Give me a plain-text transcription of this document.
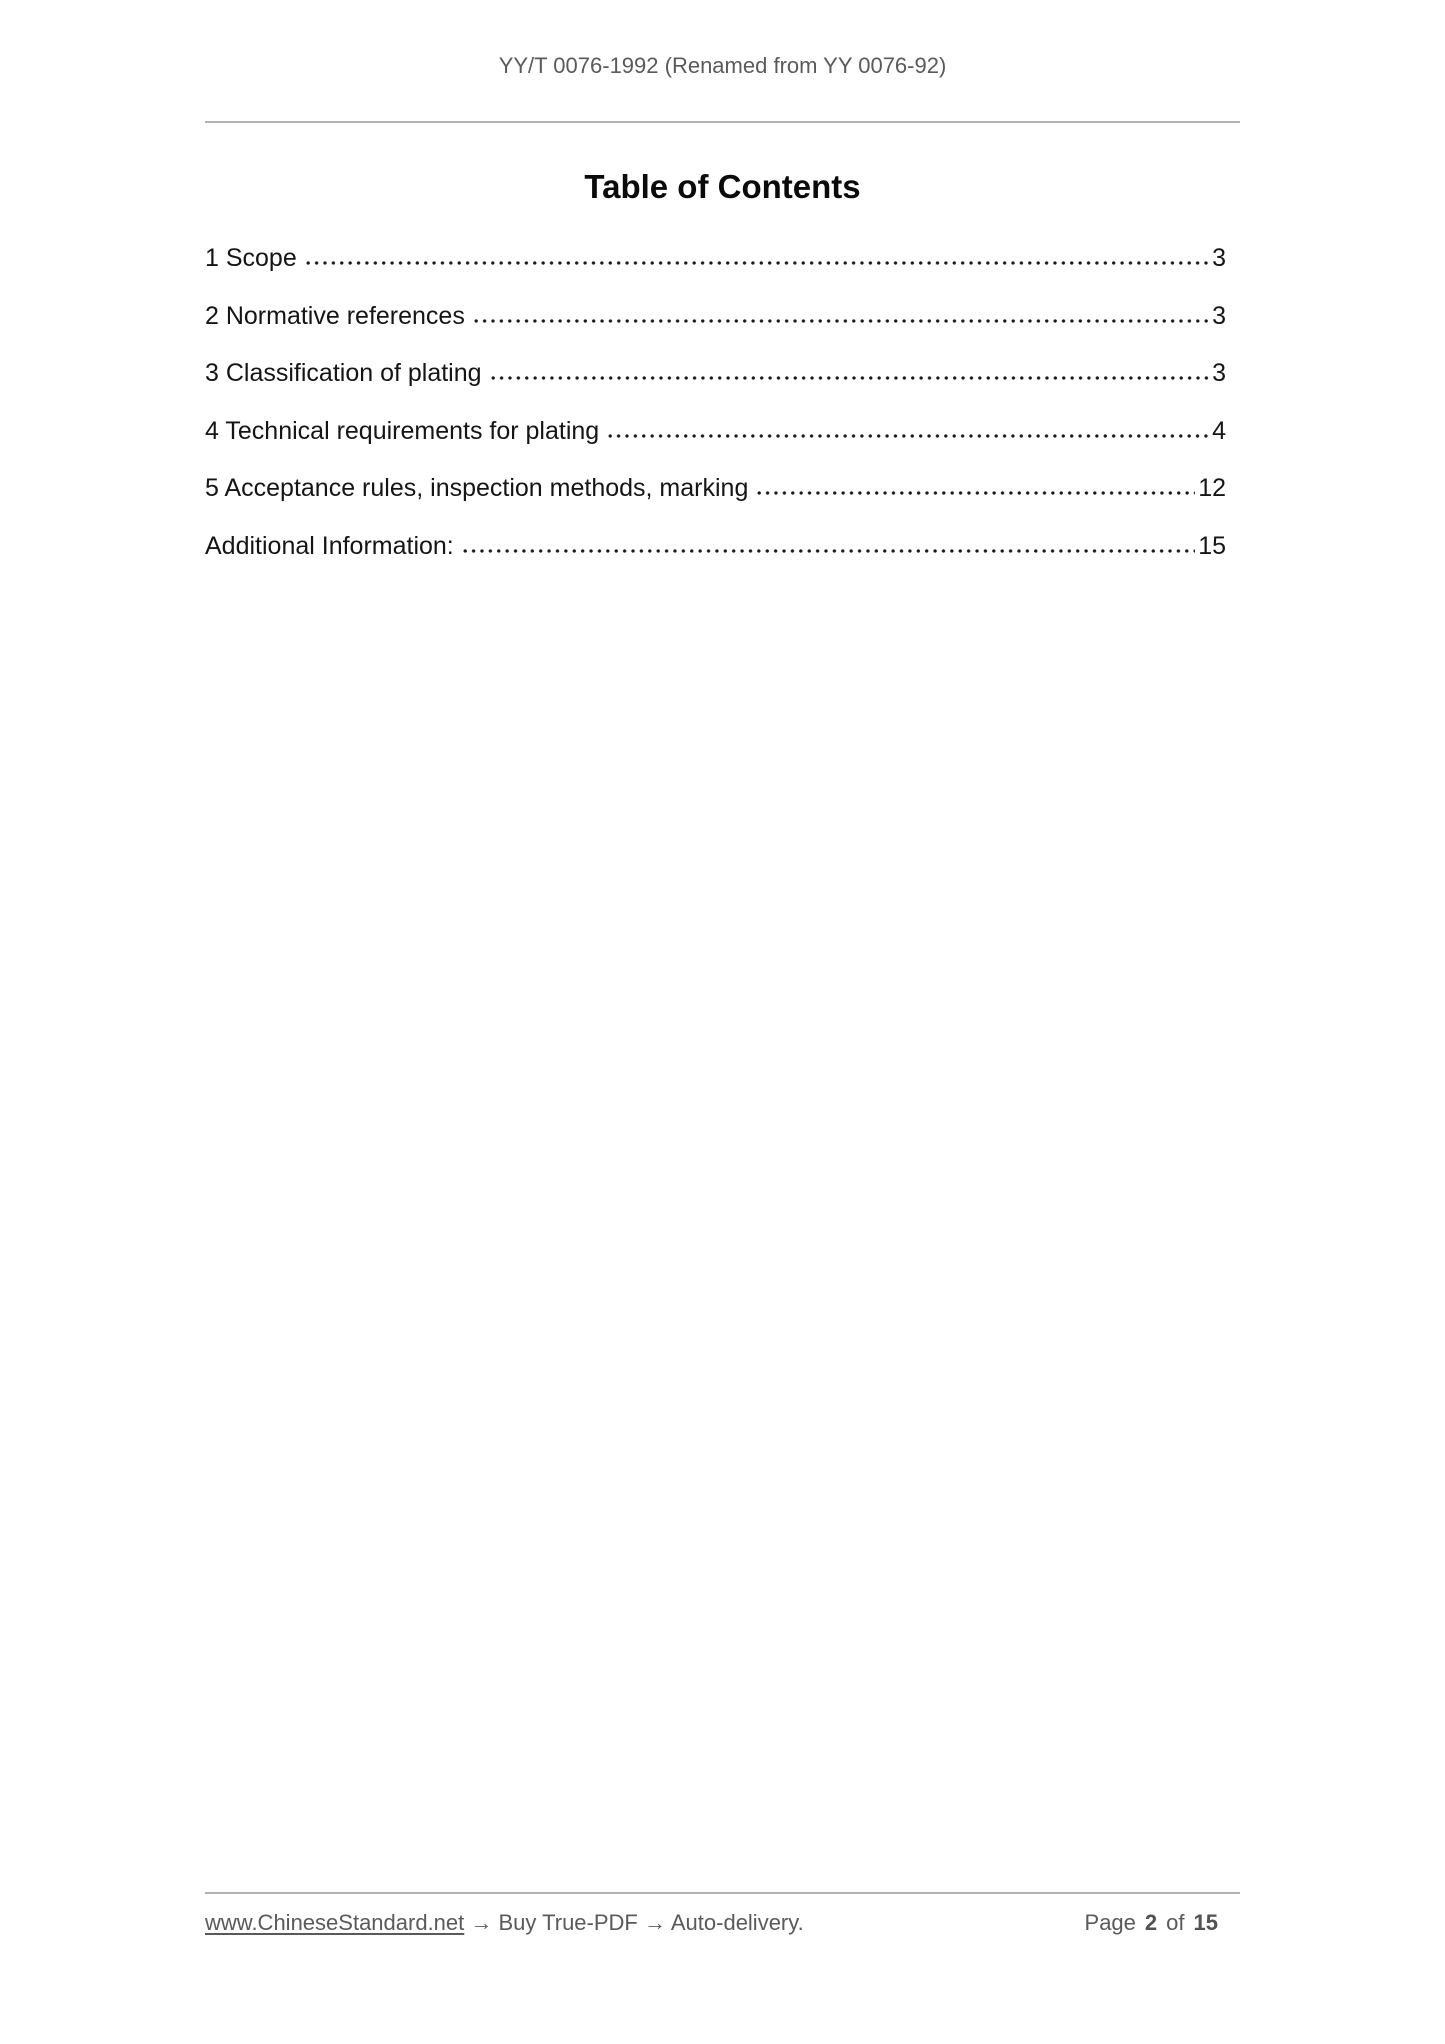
YY/T 0076-1992 (Renamed from YY 0076-92)
Table of Contents
1 Scope	3
2 Normative references	3
3 Classification of plating	3
4 Technical requirements for plating	4
5 Acceptance rules, inspection methods, marking	12
Additional Information:	15
www.ChineseStandard.net → Buy True-PDF → Auto-delivery.	Page 2 of 15
